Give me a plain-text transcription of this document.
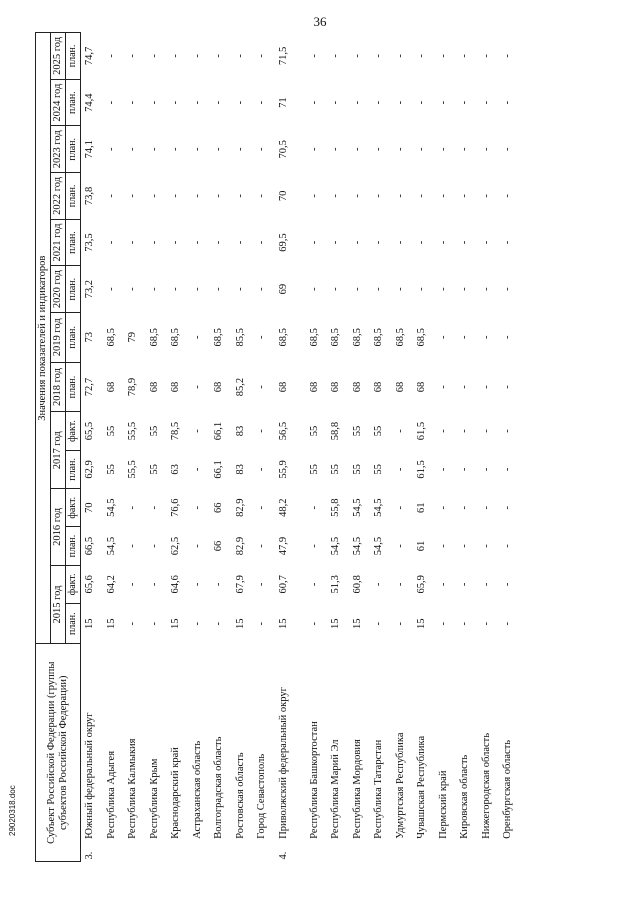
36
Субъект Российской Федерации (группы субъектов Российской Федерации)		Значения показателей и индикаторов													
		2015 год		2016 год		2017 год		2018 год	2019 год	2020 год	2021 год	2022 год	2023 год	2024 год	2025 год
		план.	факт.	план.	факт.	план.	факт.	план.	план.	план.	план.	план.	план.	план.	план.
3.	Южный федеральный округ	15	65,6	66,5	70	62,9	65,5	72,7	73	73,2	73,5	73,8	74,1	74,4	74,7
	Республика Адыгея	15	64,2	54,5	54,5	55	55	68	68,5	-	-	-	-	-	-
	Республика Калмыкия	-	-	-	-	55,5	55,5	78,9	79	-	-	-	-	-	-
	Республика Крым	-	-	-	-	55	55	68	68,5	-	-	-	-	-	-
	Краснодарский край	15	64,6	62,5	76,6	63	78,5	68	68,5	-	-	-	-	-	-
	Астраханская область	-	-	-	-	-	-	-	-	-	-	-	-	-	-
	Волгоградская область	-	-	66	66	66,1	66,1	68	68,5	-	-	-	-	-	-
	Ростовская область	15	67,9	82,9	82,9	83	83	85,2	85,5	-	-	-	-	-	-
	Город Севастополь	-	-	-	-	-	-	-	-	-	-	-	-	-	-
4.	Приволжский федеральный округ	15	60,7	47,9	48,2	55,9	56,5	68	68,5	69	69,5	70	70,5	71	71,5
	Республика Башкортостан	-	-	-	-	55	55	68	68,5	-	-	-	-	-	-
	Республика Марий Эл	15	51,3	54,5	55,8	55	58,8	68	68,5	-	-	-	-	-	-
	Республика Мордовия	15	60,8	54,5	54,5	55	55	68	68,5	-	-	-	-	-	-
	Республика Татарстан	-	-	54,5	54,5	55	55	68	68,5	-	-	-	-	-	-
	Удмуртская Республика	-	-	-	-	-	-	68	68,5	-	-	-	-	-	-
	Чувашская Республика	15	65,9	61	61	61,5	61,5	68	68,5	-	-	-	-	-	-
	Пермский край	-	-	-	-	-	-	-	-	-	-	-	-	-	-
	Кировская область	-	-	-	-	-	-	-	-	-	-	-	-	-	-
	Нижегородская область	-	-	-	-	-	-	-	-	-	-	-	-	-	-
	Оренбургская область	-	-	-	-	-	-	-	-	-	-	-	-	-	-
29020318.doc
